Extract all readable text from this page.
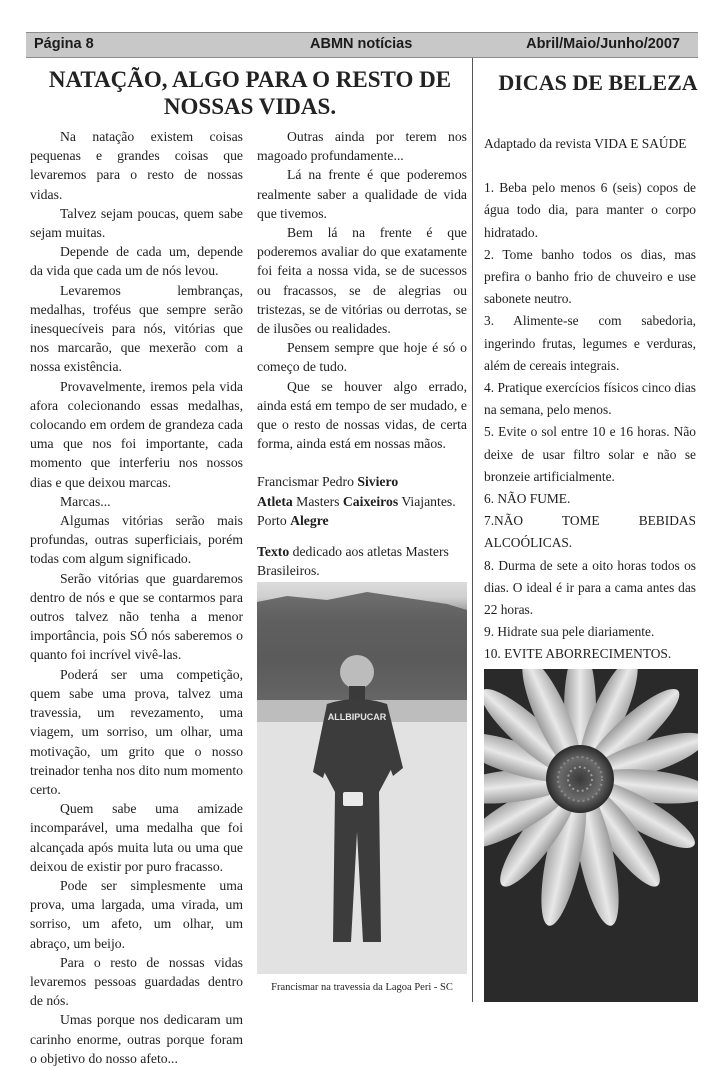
Página 8	ABMN notícias	Abril/Maio/Junho/2007
NATAÇÃO, ALGO PARA O RESTO DE
NOSSAS VIDAS.

Na natação existem coisas pequenas e grandes coisas que levaremos para o resto de nossas vidas.

Talvez sejam poucas, quem sabe sejam muitas.

Depende de cada um, depende da vida que cada um de nós levou.

Levaremos lembranças, medalhas, troféus que sempre serão inesquecíveis para nós, vitórias que nos marcarão, que mexerão com a nossa existência.

Provavelmente, iremos pela vida afora colecionando essas medalhas, colocando em ordem de grandeza cada uma que nos foi importante, cada momento que interferiu nos nossos dias e que deixou marcas.

Marcas...

Algumas vitórias serão mais profundas, outras superficiais, porém todas com algum significado.

Serão vitórias que guardaremos dentro de nós e que se contarmos para outros talvez não tenha a menor importância, pois SÓ nós saberemos o quanto foi incrível vivê-las.

Poderá ser uma competição, quem sabe uma prova, talvez uma travessia, um revezamento, uma viagem, um sorriso, um olhar, uma motivação, um grito que o nosso treinador tenha nos dito num momento certo.

Quem sabe uma amizade incomparável, uma medalha que foi alcançada após muita luta ou uma que deixou de existir por puro fracasso.

Pode ser simplesmente uma prova, uma largada, uma virada, um sorriso, um afeto, um olhar, um abraço, um beijo.

Para o resto de nossas vidas levaremos pessoas guardadas dentro de nós.

Umas porque nos dedicaram um carinho enorme, outras porque foram o objetivo do nosso afeto...

Outras ainda por terem nos magoado profundamente...

Lá na frente é que poderemos realmente saber a qualidade de vida que tivemos.

Bem lá na frente é que poderemos avaliar do que exatamente foi feita a nossa vida, se de sucessos ou fracassos, se de alegrias ou tristezas, se de vitórias ou derrotas, se de ilusões ou realidades.

Pensem sempre que hoje é só o começo de tudo.

Que se houver algo errado, ainda está em tempo de ser mudado, e que o resto de nossas vidas, de certa forma, ainda está em nossas mãos.

Francismar Pedro Siviero

Atleta Masters Caixeiros Viajantes. Porto Alegre

Texto dedicado aos atletas Masters Brasileiros.

ALLBIPUCAR
Francismar na travessia da Lagoa Peri - SC
DICAS DE BELEZA

Adaptado da revista VIDA E SAÚDE

1. Beba pelo menos 6 (seis) copos de água todo dia, para manter o corpo hidratado.

2. Tome banho todos os dias, mas prefira o banho frio de chuveiro e use sabonete neutro.

3. Alimente-se com sabedoria, ingerindo frutas, legumes e verduras, além de cereais integrais.

4. Pratique exercícios físicos cinco dias na semana, pelo menos.

5. Evite o sol entre 10 e 16 horas. Não deixe de usar filtro solar e não se bronzeie artificialmente.

6. NÃO FUME.

7.NÃO TOME BEBIDAS ALCOÓLICAS.

8. Durma de sete a oito horas todos os dias. O ideal é ir para a cama antes das 22 horas.

9. Hidrate sua pele diariamente.

10. EVITE ABORRECIMENTOS.
